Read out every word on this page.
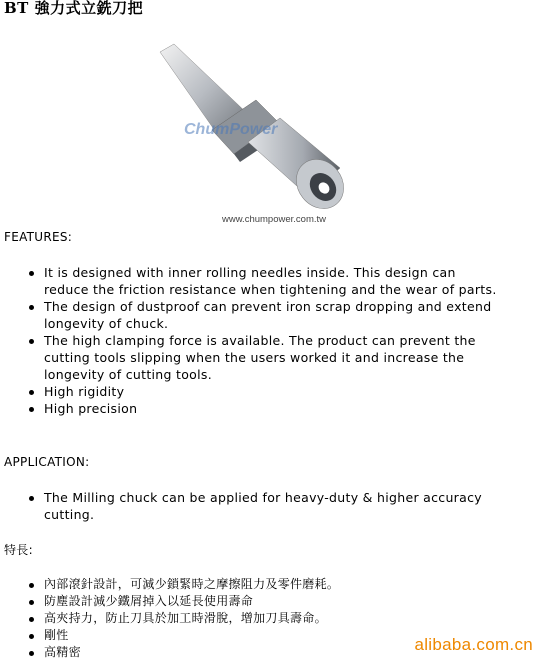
BT 強力式立銑刀把
ChumPower
www.chumpower.com.tw
FEATURES:
It is designed with inner rolling needles inside. This design can reduce the friction resistance when tightening and the wear of parts.
The design of dustproof can prevent iron scrap dropping and extend longevity of chuck.
The high clamping force is available. The product can prevent the cutting tools slipping when the users worked it and increase the longevity of cutting tools.
High rigidity
High precision
APPLICATION:
The Milling chuck can be applied for heavy-duty & higher accuracy cutting.
特長:
內部滾針設計，可減少鎖緊時之摩擦阻力及零件磨耗。
防塵設計減少鐵屑掉入以延長使用壽命
高夾持力，防止刀具於加工時滑脫，增加刀具壽命。
剛性
高精密	alibaba.com.cn
